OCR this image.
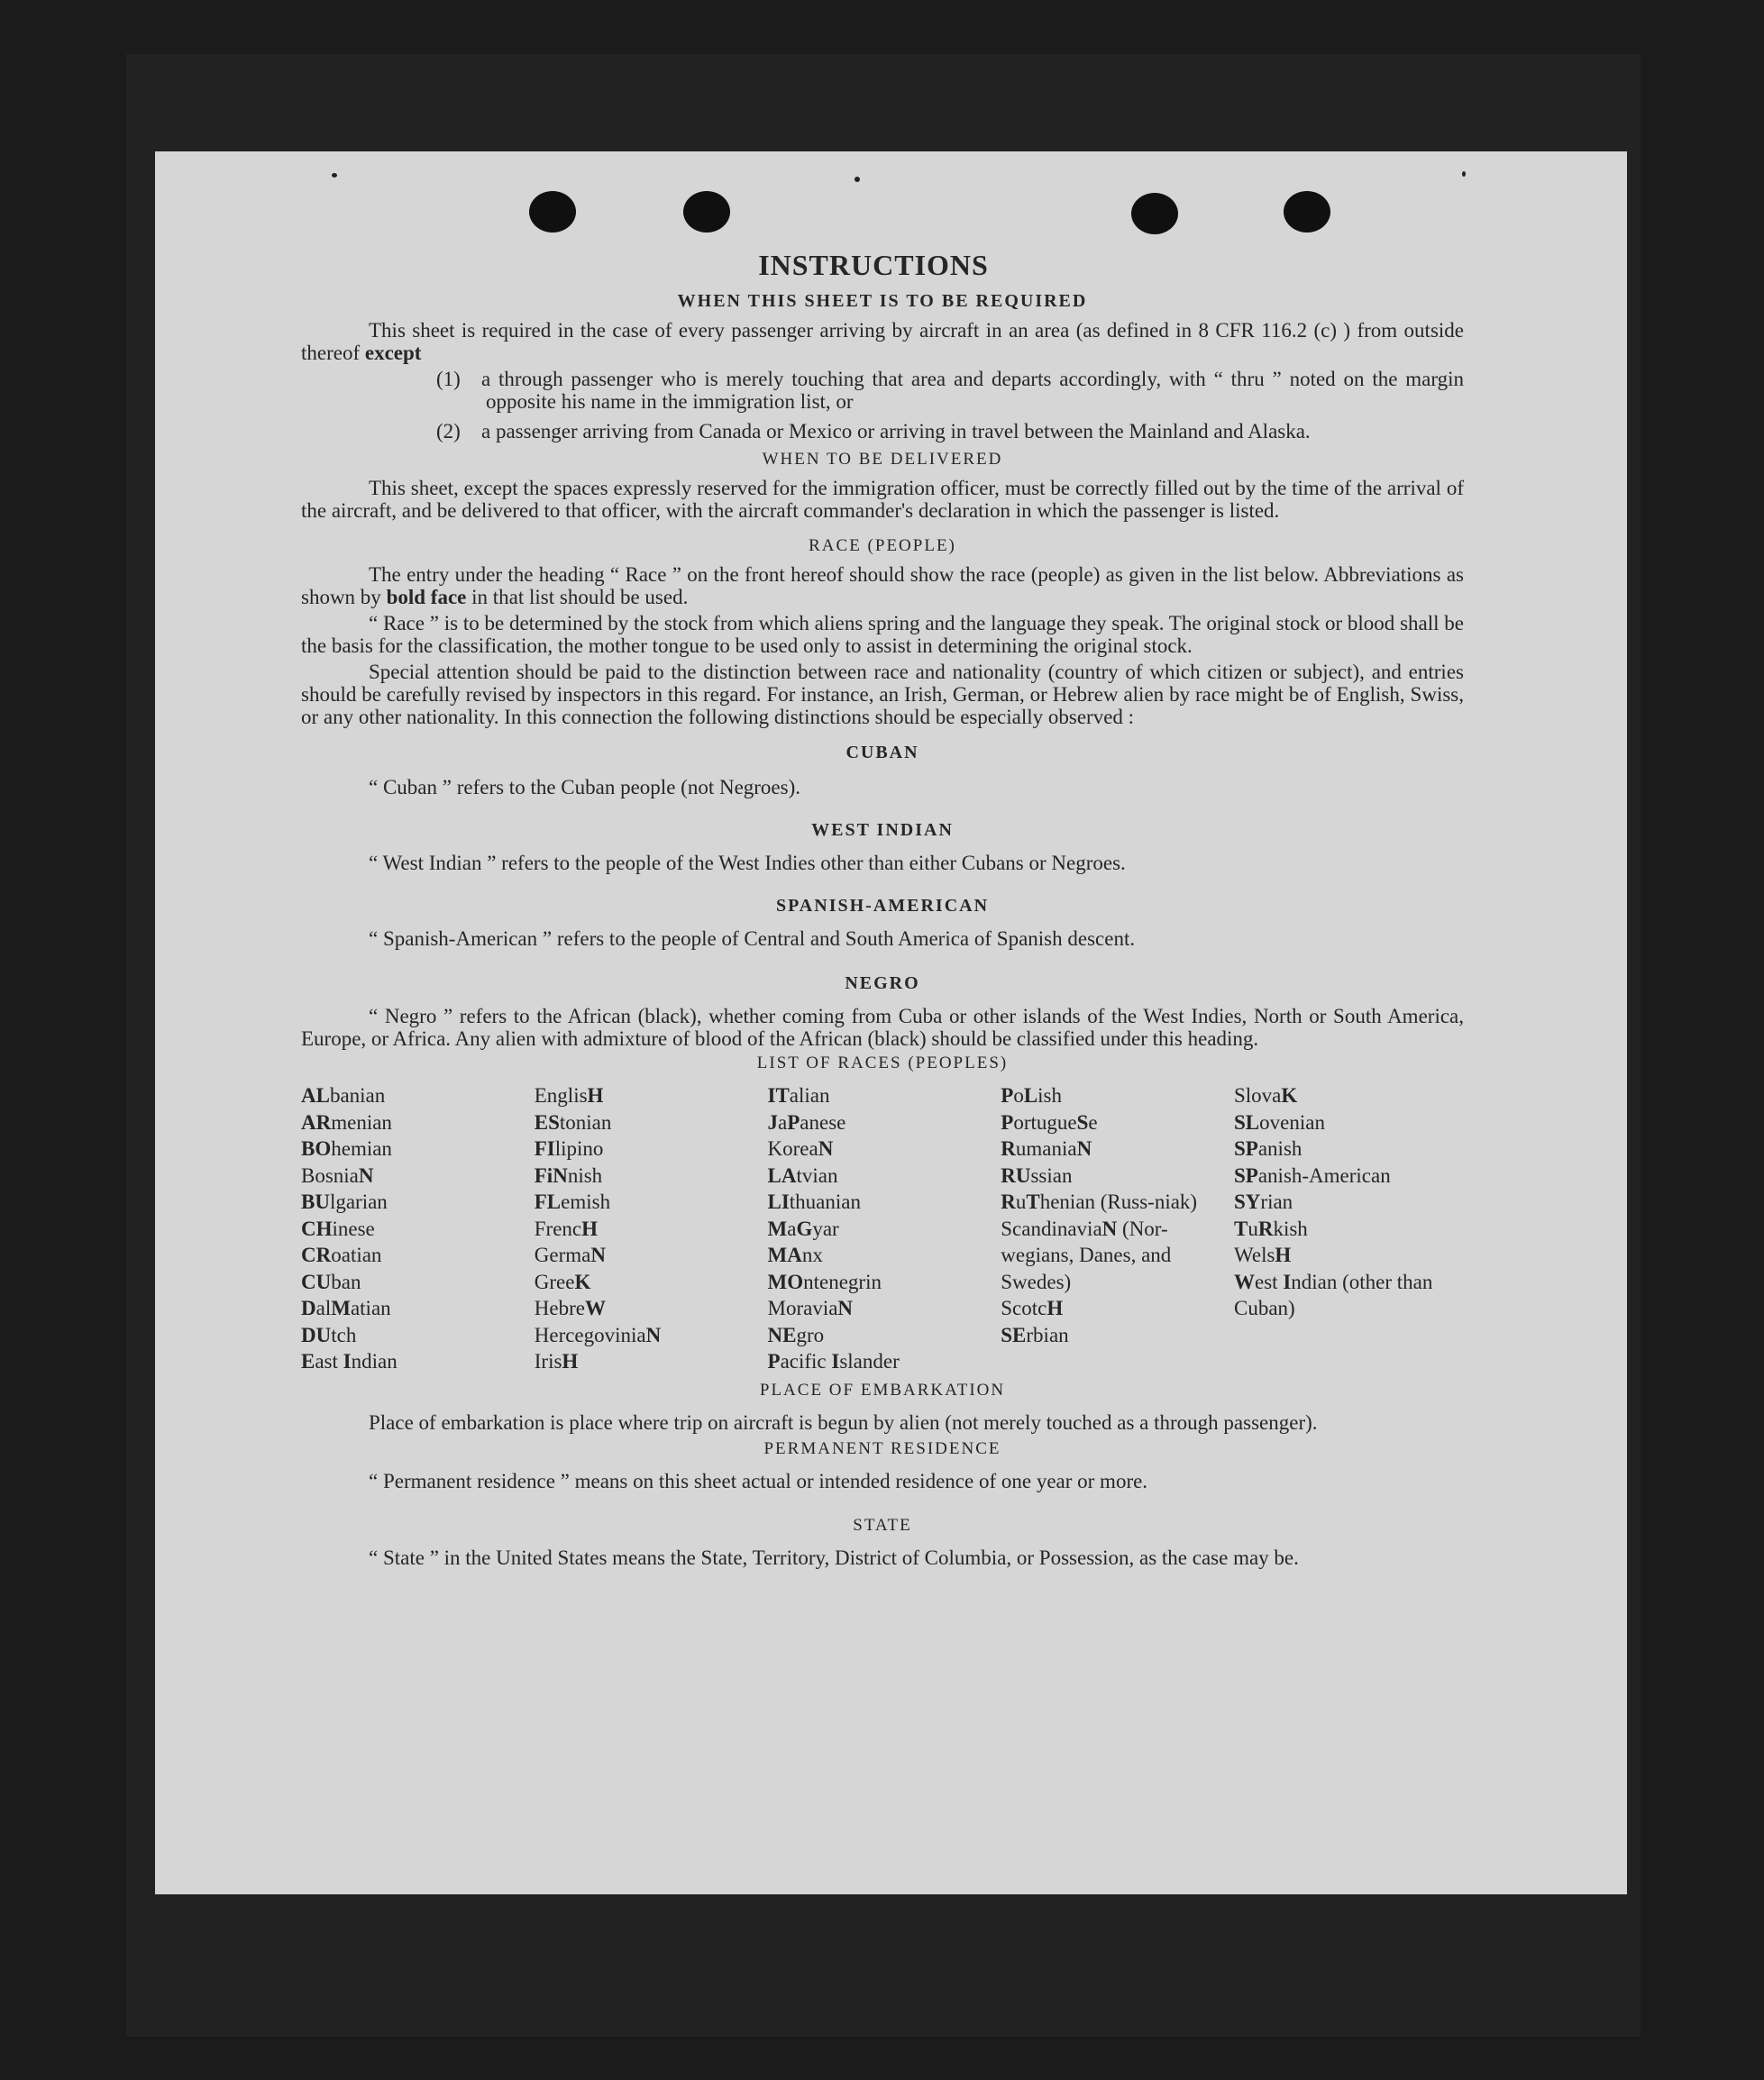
INSTRUCTIONS
WHEN THIS SHEET IS TO BE REQUIRED

This sheet is required in the case of every passenger arriving by aircraft in an area (as defined in 8 CFR 116.2 (c) ) from outside thereof except

(1) a through passenger who is merely touching that area and departs accordingly, with “ thru ” noted on the margin opposite his name in the immigration list, or
(2) a passenger arriving from Canada or Mexico or arriving in travel between the Mainland and Alaska.
WHEN TO BE DELIVERED

This sheet, except the spaces expressly reserved for the immigration officer, must be correctly filled out by the time of the arrival of the aircraft, and be delivered to that officer, with the aircraft commander's declaration in which the passenger is listed.

RACE (PEOPLE)

The entry under the heading “ Race ” on the front hereof should show the race (people) as given in the list below. Abbreviations as shown by bold face in that list should be used.

“ Race ” is to be determined by the stock from which aliens spring and the language they speak. The original stock or blood shall be the basis for the classification, the mother tongue to be used only to assist in determining the original stock.

Special attention should be paid to the distinction between race and nationality (country of which citizen or subject), and entries should be carefully revised by inspectors in this regard. For instance, an Irish, German, or Hebrew alien by race might be of English, Swiss, or any other nationality. In this connection the following distinctions should be especially observed :

CUBAN

“ Cuban ” refers to the Cuban people (not Negroes).

WEST INDIAN

“ West Indian ” refers to the people of the West Indies other than either Cubans or Negroes.

SPANISH-AMERICAN

“ Spanish-American ” refers to the people of Central and South America of Spanish descent.

NEGRO

“ Negro ” refers to the African (black), whether coming from Cuba or other islands of the West Indies, North or South America, Europe, or Africa. Any alien with admixture of blood of the African (black) should be classified under this heading.

LIST OF RACES (PEOPLES)
ALbanian
ARmenian
BOhemian
BosniaN
BUlgarian
CHinese
CRoatian
CUban
DalMatian
DUtch
East Indian
EnglisH
EStonian
FIlipino
FiNnish
FLemish
FrencH
GermaN
GreeK
HebreW
HercegoviniaN
IrisH
ITalian
JaPanese
KoreaN
LAtvian
LIthuanian
MaGyar
MAnx
MOntenegrin
MoraviaN
NEgro
Pacific Islander
PoLish
PortugueSe
RumaniaN
RUssian
RuThenian (Russ-niak)
ScandinaviaN (Nor-wegians, Danes, and Swedes)
ScotcH
SErbian
SlovaK
SLovenian
SPanish
SPanish-American
SYrian
TuRkish
WelsH
West Indian (other than Cuban)
PLACE OF EMBARKATION

Place of embarkation is place where trip on aircraft is begun by alien (not merely touched as a through passenger).

PERMANENT RESIDENCE

“ Permanent residence ” means on this sheet actual or intended residence of one year or more.

STATE

“ State ” in the United States means the State, Territory, District of Columbia, or Possession, as the case may be.
